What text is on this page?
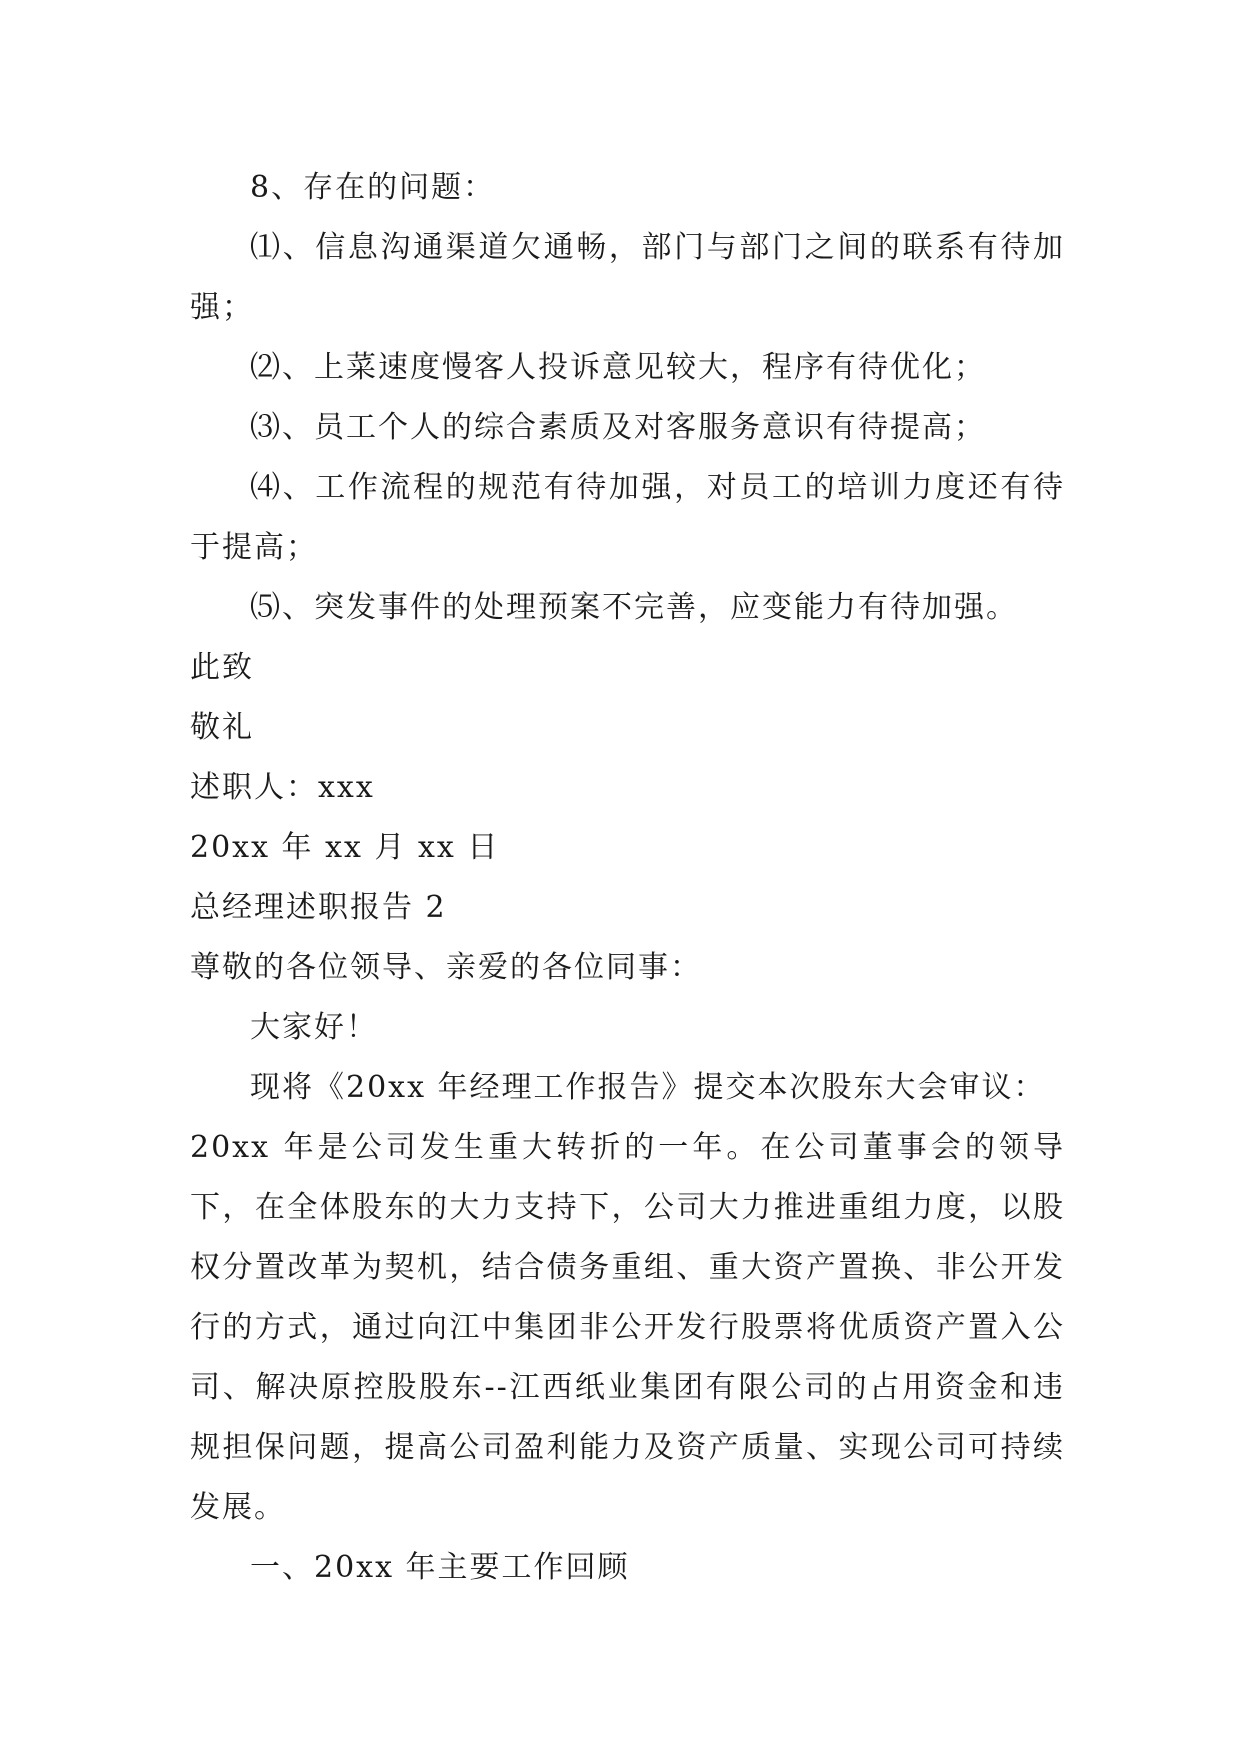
8、存在的问题：

⑴、信息沟通渠道欠通畅，部门与部门之间的联系有待加强；

⑵、上菜速度慢客人投诉意见较大，程序有待优化；

⑶、员工个人的综合素质及对客服务意识有待提高；

⑷、工作流程的规范有待加强，对员工的培训力度还有待于提高；

⑸、突发事件的处理预案不完善，应变能力有待加强。

此致

敬礼

述职人：xxx

20xx 年 xx 月 xx 日

总经理述职报告 2

尊敬的各位领导、亲爱的各位同事：

大家好！

现将《20xx 年经理工作报告》提交本次股东大会审议：

20xx 年是公司发生重大转折的一年。在公司董事会的领导下，在全体股东的大力支持下，公司大力推进重组力度，以股权分置改革为契机，结合债务重组、重大资产置换、非公开发行的方式，通过向江中集团非公开发行股票将优质资产置入公司、解决原控股股东--江西纸业集团有限公司的占用资金和违规担保问题，提高公司盈利能力及资产质量、实现公司可持续发展。

一、20xx 年主要工作回顾
